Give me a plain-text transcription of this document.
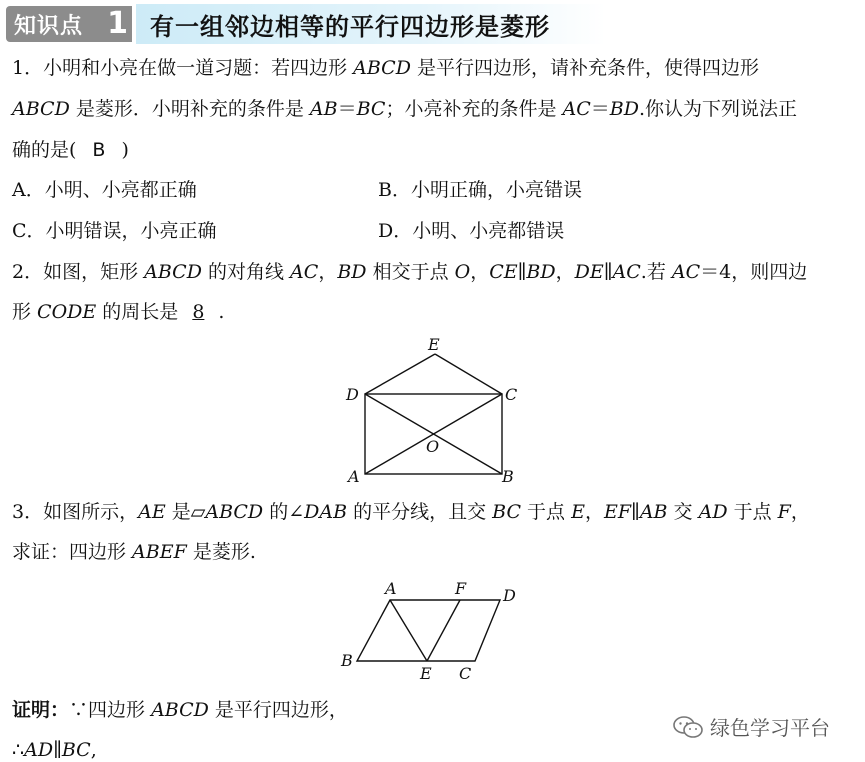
知识点 1 有一组邻边相等的平行四边形是菱形
1．小明和小亮在做一道习题：若四边形 ABCD 是平行四边形，请补充条件，使得四边形
ABCD 是菱形．小明补充的条件是 AB＝BC；小亮补充的条件是 AC＝BD.你认为下列说法正
确的是( B )
A．小明、小亮都正确	B．小明正确，小亮错误
C．小明错误，小亮正确	D．小明、小亮都错误
2．如图，矩形 ABCD 的对角线 AC，BD 相交于点 O，CE∥BD，DE∥AC.若 AC＝4，则四边
形 CODE 的周长是 8 .
E
D	C
O
A	B
3．如图所示，AE 是▱ABCD 的∠DAB 的平分线，且交 BC 于点 E，EF∥AB 交 AD 于点 F，
求证：四边形 ABEF 是菱形.
A	F D
B
E C
证明：∵四边形 ABCD 是平行四边形，
∴AD∥BC,
绿色学习平台
